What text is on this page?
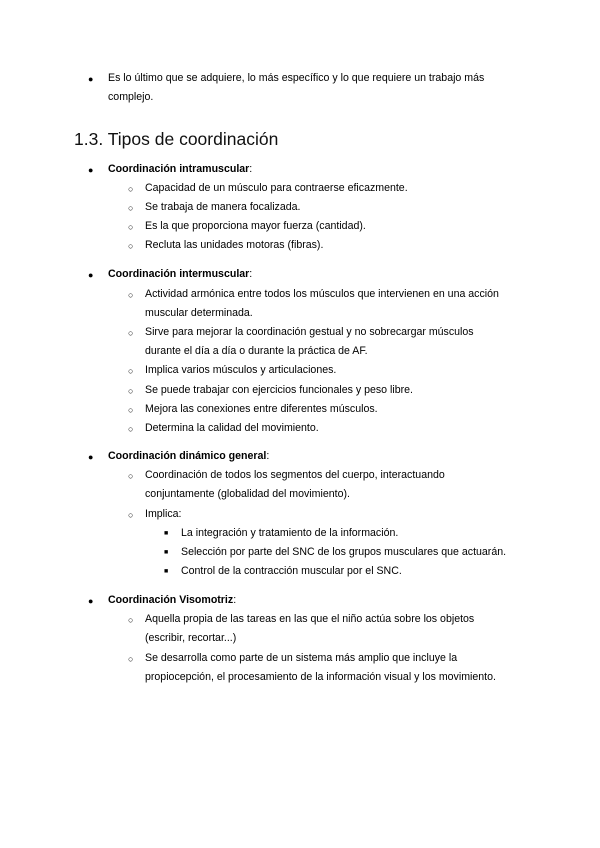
● Es lo último que se adquiere, lo más específico y lo que requiere un trabajo más
complejo.
1.3. Tipos de coordinación
● Coordinación intramuscular:
○ Capacidad de un músculo para contraerse eficazmente.
○ Se trabaja de manera focalizada.
○ Es la que proporciona mayor fuerza (cantidad).
○ Recluta las unidades motoras (fibras).
● Coordinación intermuscular:
○ Actividad armónica entre todos los músculos que intervienen en una acción
muscular determinada.
○ Sirve para mejorar la coordinación gestual y no sobrecargar músculos
durante el día a día o durante la práctica de AF.
○ Implica varios músculos y articulaciones.
○ Se puede trabajar con ejercicios funcionales y peso libre.
○ Mejora las conexiones entre diferentes músculos.
○ Determina la calidad del movimiento.
● Coordinación dinámico general:
○ Coordinación de todos los segmentos del cuerpo, interactuando
conjuntamente (globalidad del movimiento).
○ Implica:
■ La integración y tratamiento de la información.
■ Selección por parte del SNC de los grupos musculares que actuarán.
■ Control de la contracción muscular por el SNC.
● Coordinación Visomotriz:
○ Aquella propia de las tareas en las que el niño actúa sobre los objetos
(escribir, recortar...)
○ Se desarrolla como parte de un sistema más amplio que incluye la
propiocepción, el procesamiento de la información visual y los movimiento.
